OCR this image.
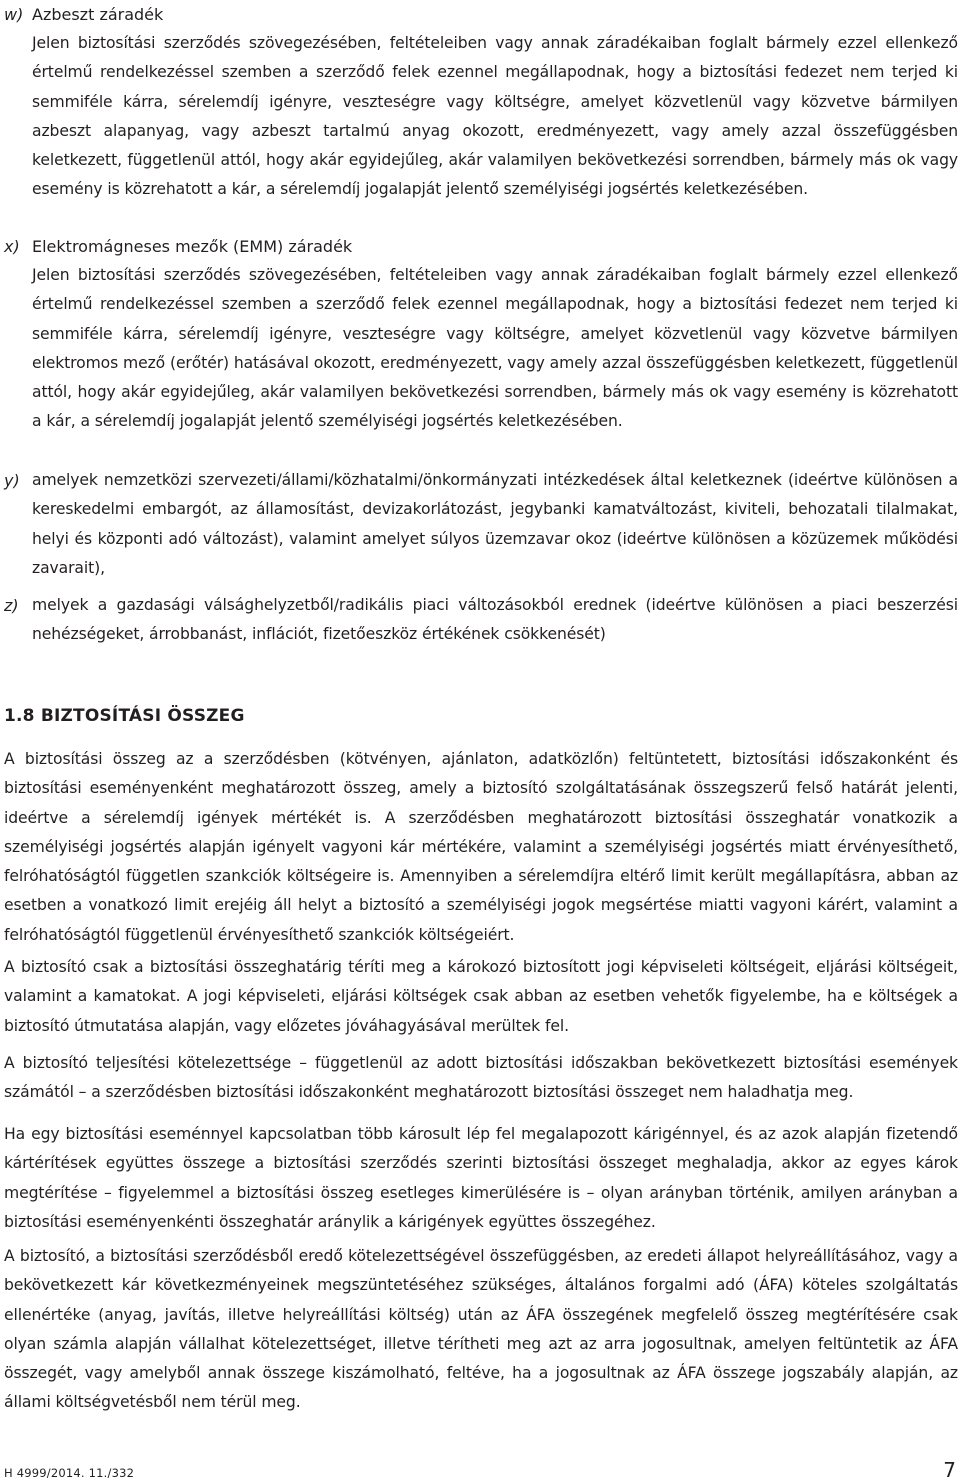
w) Azbeszt záradék
Jelen biztosítási szerződés szövegezésében, feltételeiben vagy annak záradékaiban foglalt bármely ezzel ellenkező értelmű rendelkezéssel szemben a szerződő felek ezennel megállapodnak, hogy a biztosítási fedezet nem terjed ki semmiféle kárra, sérelemdíj igényre, veszteségre vagy költségre, amelyet közvetlenül vagy közvetve bármilyen azbeszt alapanyag, vagy azbeszt tartalmú anyag okozott, eredményezett, vagy amely azzal összefüggésben keletkezett, függetlenül attól, hogy akár egyidejűleg, akár valamilyen bekövetkezési sorrendben, bármely más ok vagy esemény is közrehatott a kár, a sérelemdíj jogalapját jelentő személyiségi jogsértés keletkezésében.
x) Elektromágneses mezők (EMM) záradék
Jelen biztosítási szerződés szövegezésében, feltételeiben vagy annak záradékaiban foglalt bármely ezzel ellenkező értelmű rendelkezéssel szemben a szerződő felek ezennel megállapodnak, hogy a biztosítási fedezet nem terjed ki semmiféle kárra, sérelemdíj igényre, veszteségre vagy költségre, amelyet közvetlenül vagy közvetve bármilyen elektromos mező (erőtér) hatásával okozott, eredményezett, vagy amely azzal összefüggésben keletkezett, függetlenül attól, hogy akár egyidejűleg, akár valamilyen bekövetkezési sorrendben, bármely más ok vagy esemény is közrehatott a kár, a sérelemdíj jogalapját jelentő személyiségi jogsértés keletkezésében.
y) amelyek nemzetközi szervezeti/állami/közhatalmi/önkormányzati intézkedések által keletkeznek (ideértve különösen a kereskedelmi embargót, az államosítást, devizakorlátozást, jegybanki kamatváltozást, kiviteli, behozatali tilalmakat, helyi és központi adó változást), valamint amelyet súlyos üzemzavar okoz (ideértve különösen a közüzemek működési zavarait),
z) melyek a gazdasági válsághelyzetből/radikális piaci változásokból erednek (ideértve különösen a piaci beszerzési nehézségeket, árrobbanást, inflációt, fizetőeszköz értékének csökkenését)
1.8 BIZTOSÍTÁSI ÖSSZEG
A biztosítási összeg az a szerződésben (kötvényen, ajánlaton, adatközlőn) feltüntetett, biztosítási időszakonként és biztosítási eseményenként meghatározott összeg, amely a biztosító szolgáltatásának összegszerű felső határát jelenti, ideértve a sérelemdíj igények mértékét is. A szerződésben meghatározott biztosítási összeghatár vonatkozik a személyiségi jogsértés alapján igényelt vagyoni kár mértékére, valamint a személyiségi jogsértés miatt érvényesíthető, felróhatóságtól független szankciók költségeire is. Amennyiben a sérelemdíjra eltérő limit került megállapításra, abban az esetben a vonatkozó limit erejéig áll helyt a biztosító a személyiségi jogok megsértése miatti vagyoni kárért, valamint a felróhatóságtól függetlenül érvényesíthető szankciók költségeiért.
A biztosító csak a biztosítási összeghatárig téríti meg a károkozó biztosított jogi képviseleti költségeit, eljárási költségeit, valamint a kamatokat. A jogi képviseleti, eljárási költségek csak abban az esetben vehetők figyelembe, ha e költségek a biztosító útmutatása alapján, vagy előzetes jóváhagyásával merültek fel.
A biztosító teljesítési kötelezettsége – függetlenül az adott biztosítási időszakban bekövetkezett biztosítási események számától – a szerződésben biztosítási időszakonként meghatározott biztosítási összeget nem haladhatja meg.
Ha egy biztosítási eseménnyel kapcsolatban több károsult lép fel megalapozott kárigénnyel, és az azok alapján fizetendő kártérítések együttes összege a biztosítási szerződés szerinti biztosítási összeget meghaladja, akkor az egyes károk megtérítése – figyelemmel a biztosítási összeg esetleges kimerülésére is – olyan arányban történik, amilyen arányban a biztosítási eseményenkénti összeghatár aránylik a kárigények együttes összegéhez.
A biztosító, a biztosítási szerződésből eredő kötelezettségével összefüggésben, az eredeti állapot helyreállításához, vagy a bekövetkezett kár következményeinek megszüntetéséhez szükséges, általános forgalmi adó (ÁFA) köteles szolgáltatás ellenértéke (anyag, javítás, illetve helyreállítási költség) után az ÁFA összegének megfelelő összeg megtérítésére csak olyan számla alapján vállalhat kötelezettséget, illetve térítheti meg azt az arra jogosultnak, amelyen feltüntetik az ÁFA összegét, vagy amelyből annak összege kiszámolható, feltéve, ha a jogosultnak az ÁFA összege jogszabály alapján, az állami költségvetésből nem térül meg.
H 4999/2014. 11./332	7
